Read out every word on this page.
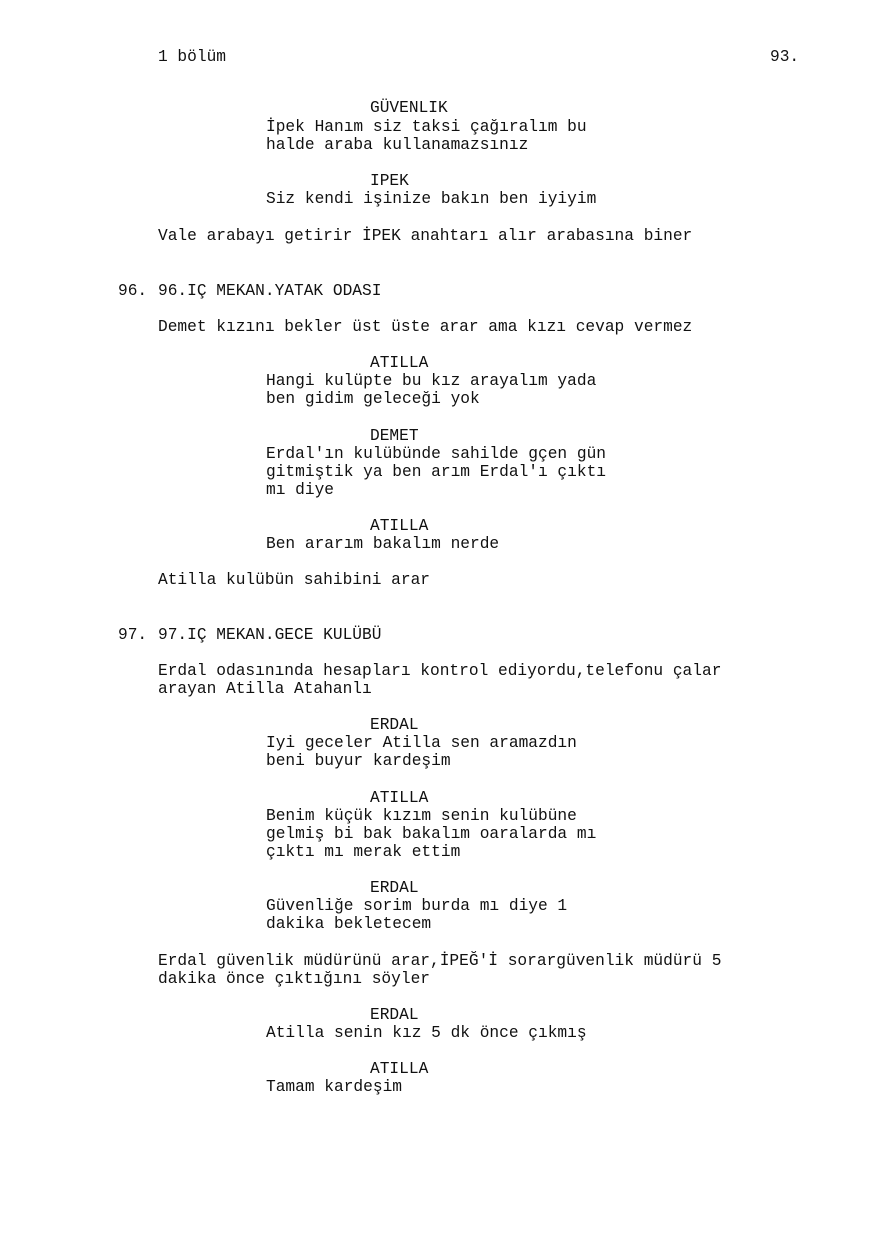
1 bölüm	93.
GÜVENLIK
İpek Hanım siz taksi çağıralım bu
halde araba kullanamazsınız
IPEK
Siz kendi işinize bakın ben iyiyim
Vale arabayı getirir İPEK anahtarı alır arabasına biner
96. 96.IÇ MEKAN.YATAK ODASI
Demet kızını bekler üst üste arar ama kızı cevap vermez
ATILLA
Hangi kulüpte bu kız arayalım yada
ben gidim geleceği yok
DEMET
Erdal'ın kulübünde sahilde gçen gün
gitmiştik ya ben arım Erdal'ı çıktı
mı diye
ATILLA
Ben ararım bakalım nerde
Atilla kulübün sahibini arar
97. 97.IÇ MEKAN.GECE KULÜBÜ
Erdal odasınında hesapları kontrol ediyordu,telefonu çalar
arayan Atilla Atahanlı
ERDAL
Iyi geceler Atilla sen aramazdın
beni buyur kardeşim
ATILLA
Benim küçük kızım senin kulübüne
gelmiş bi bak bakalım oaralarda mı
çıktı mı merak ettim
ERDAL
Güvenliğe sorim burda mı diye 1
dakika bekletecem
Erdal güvenlik müdürünü arar,İPEĞ'İ sorargüvenlik müdürü 5
dakika önce çıktığını söyler
ERDAL
Atilla senin kız 5 dk önce çıkmış
ATILLA
Tamam kardeşim
